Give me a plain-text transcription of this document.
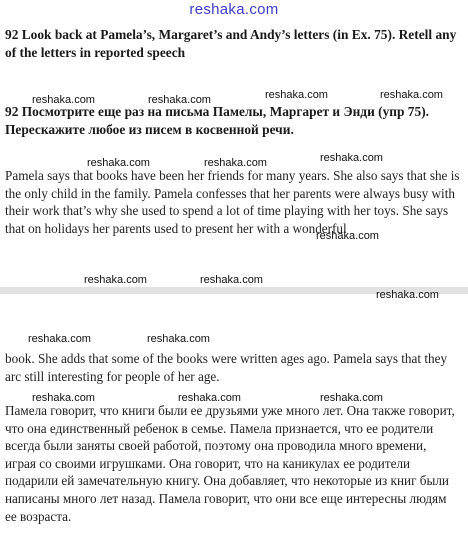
reshaka.com

92 Look back at Pamela’s, Margaret’s and Andy’s letters (in Ex. 75). Retell any of the letters in reported speech

92 Посмотрите еще раз на письма Памелы, Маргарет и Энди (упр 75). Перескажите любое из писем в косвенной речи.

Pamela says that books have been her friends for many years. She also says that she is the only child in the family. Pamela confesses that her parents were always busy with their work that’s why she used to spend a lot of time playing with her toys. She says that on holidays her parents used to present her with a wonderful

book. She adds that some of the books were written ages ago. Pamela says that they arc still interesting for people of her age.

Памела говорит, что книги были ее друзьями уже много лет. Она также говорит, что она единственный ребенок в семье. Памела признается, что ее родители всегда были заняты своей работой, поэтому она проводила много времени, играя со своими игрушками. Она говорит, что на каникулах ее родители подарили ей замечательную книгу. Она добавляет, что некоторые из книг были написаны много лет назад. Памела говорит, что они все еще интересны людям ее возраста.

reshaka.com	reshaka.com
reshaka.com	reshaka.com
reshaka.com
reshaka.com	reshaka.com
reshaka.com
reshaka.com	reshaka.com
reshaka.com
reshaka.com	reshaka.com
reshaka.com	reshaka.com	reshaka.com
